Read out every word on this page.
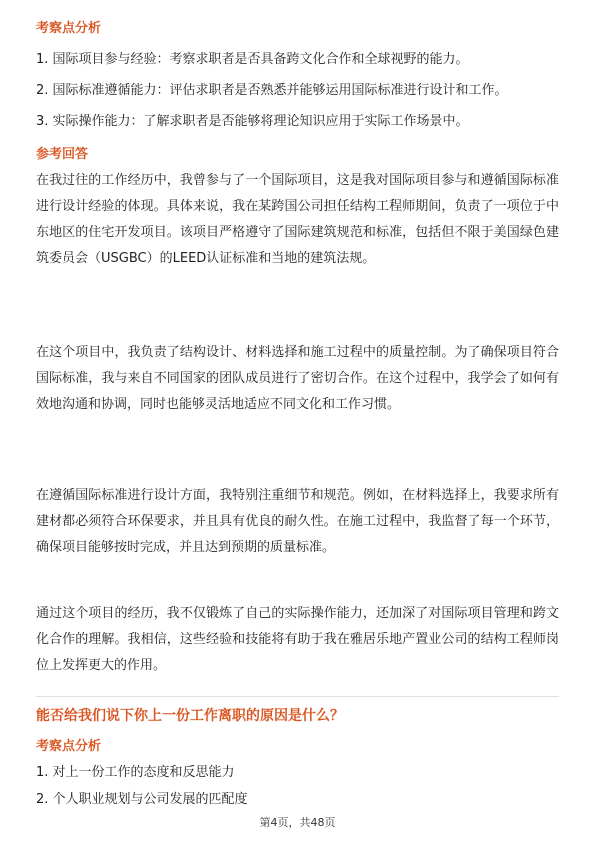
考察点分析

1. 国际项目参与经验：考察求职者是否具备跨文化合作和全球视野的能力。

2. 国际标准遵循能力：评估求职者是否熟悉并能够运用国际标准进行设计和工作。

3. 实际操作能力：了解求职者是否能够将理论知识应用于实际工作场景中。

参考回答

在我过往的工作经历中，我曾参与了一个国际项目，这是我对国际项目参与和遵循国际标准进行设计经验的体现。具体来说，我在某跨国公司担任结构工程师期间，负责了一项位于中东地区的住宅开发项目。该项目严格遵守了国际建筑规范和标准，包括但不限于美国绿色建筑委员会（USGBC）的LEED认证标准和当地的建筑法规。

在这个项目中，我负责了结构设计、材料选择和施工过程中的质量控制。为了确保项目符合国际标准，我与来自不同国家的团队成员进行了密切合作。在这个过程中，我学会了如何有效地沟通和协调，同时也能够灵活地适应不同文化和工作习惯。

在遵循国际标准进行设计方面，我特别注重细节和规范。例如，在材料选择上，我要求所有建材都必须符合环保要求，并且具有优良的耐久性。在施工过程中，我监督了每一个环节，确保项目能够按时完成，并且达到预期的质量标准。

通过这个项目的经历，我不仅锻炼了自己的实际操作能力，还加深了对国际项目管理和跨文化合作的理解。我相信，这些经验和技能将有助于我在雅居乐地产置业公司的结构工程师岗位上发挥更大的作用。

能否给我们说下你上一份工作离职的原因是什么？

考察点分析

1. 对上一份工作的态度和反思能力

2. 个人职业规划与公司发展的匹配度

第4页，共48页
